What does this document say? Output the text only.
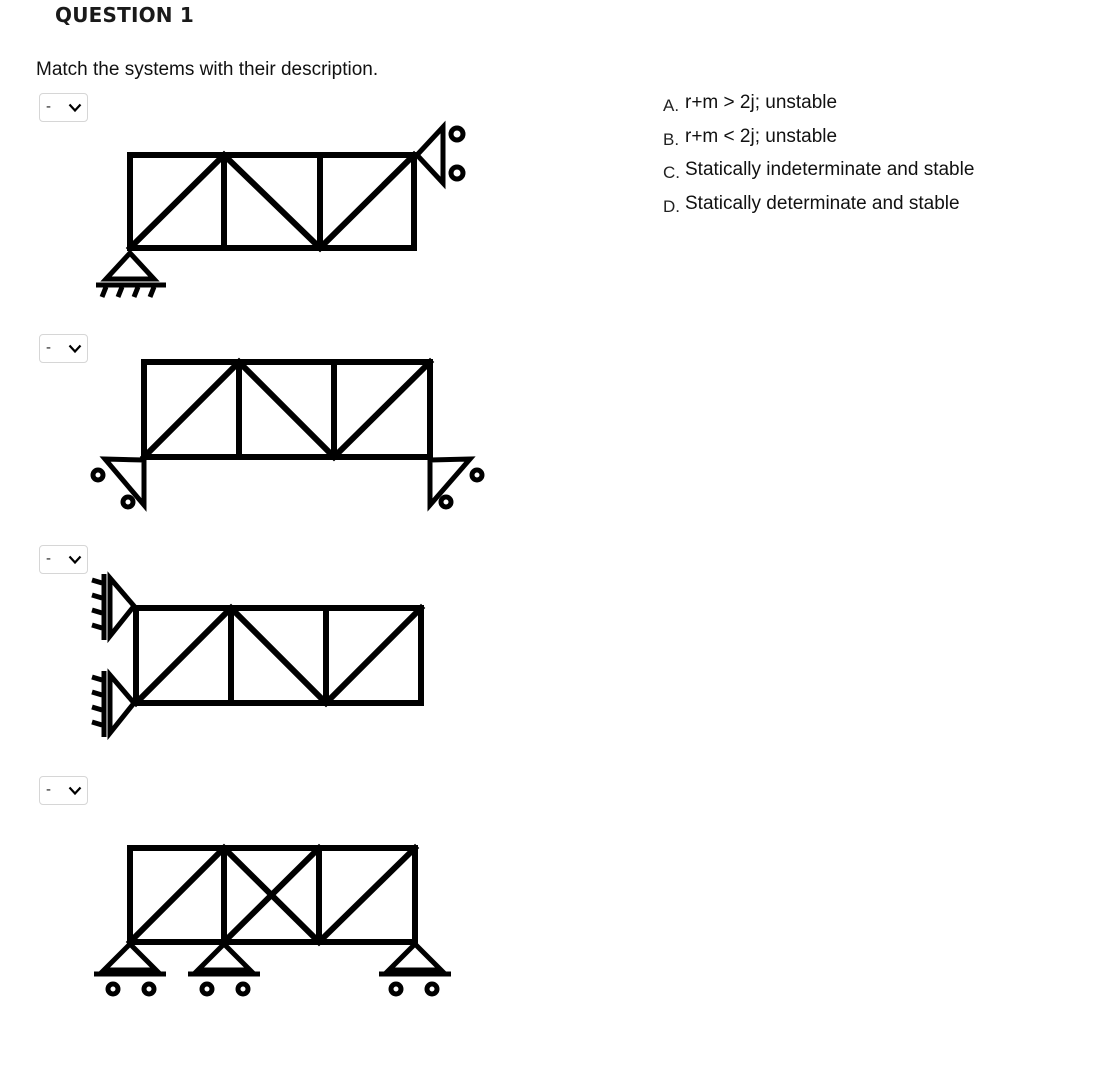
QUESTION 1
Match the systems with their description.
-
-
-
-
A. r+m > 2j; unstable
B. r+m < 2j; unstable
C. Statically indeterminate and stable
D. Statically determinate and stable
